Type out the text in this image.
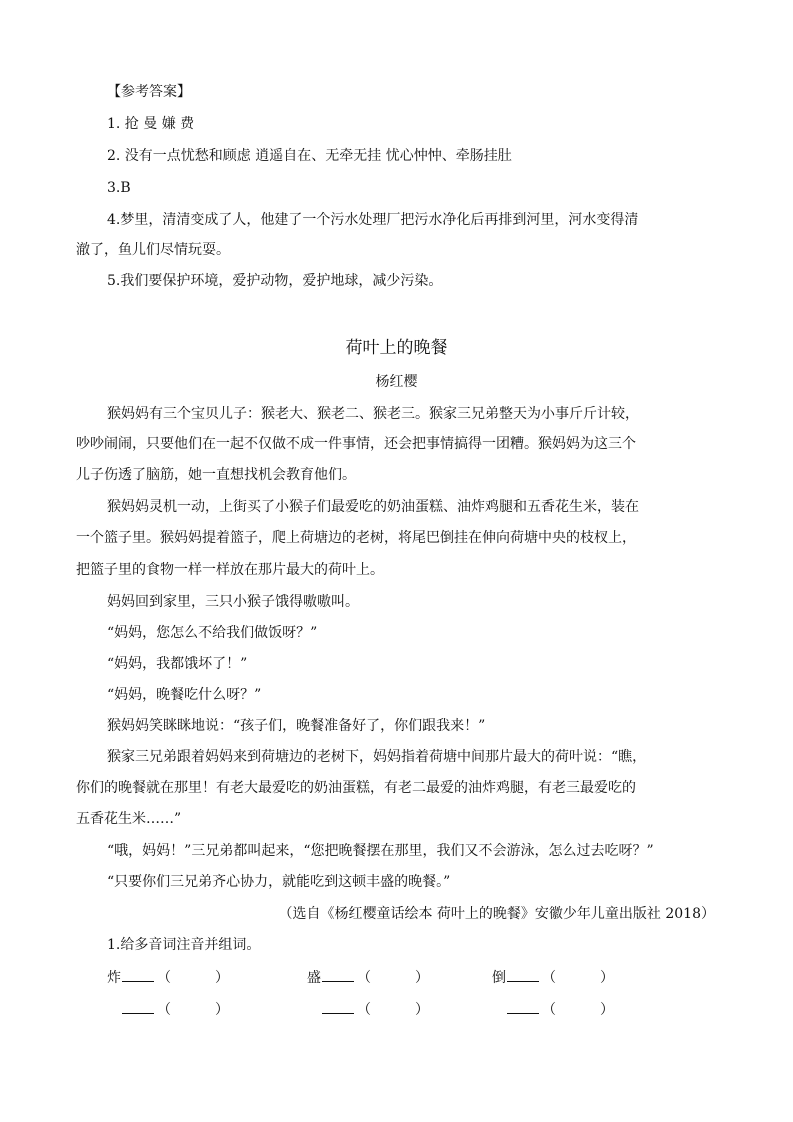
【参考答案】
1. 抢 曼 嫌 费
2. 没有一点忧愁和顾虑 逍遥自在、无牵无挂 忧心忡忡、牵肠挂肚
3.B
4.梦里，清清变成了人，他建了一个污水处理厂把污水净化后再排到河里，河水变得清
澈了，鱼儿们尽情玩耍。
5.我们要保护环境，爱护动物，爱护地球，减少污染。
荷叶上的晚餐
杨红樱
猴妈妈有三个宝贝儿子：猴老大、猴老二、猴老三。猴家三兄弟整天为小事斤斤计较，
吵吵闹闹，只要他们在一起不仅做不成一件事情，还会把事情搞得一团糟。猴妈妈为这三个
儿子伤透了脑筋，她一直想找机会教育他们。
猴妈妈灵机一动，上街买了小猴子们最爱吃的奶油蛋糕、油炸鸡腿和五香花生米，装在
一个篮子里。猴妈妈提着篮子，爬上荷塘边的老树，将尾巴倒挂在伸向荷塘中央的枝杈上，
把篮子里的食物一样一样放在那片最大的荷叶上。
妈妈回到家里，三只小猴子饿得嗷嗷叫。
“妈妈，您怎么不给我们做饭呀？”
“妈妈，我都饿坏了！”
“妈妈，晚餐吃什么呀？”
猴妈妈笑眯眯地说：“孩子们，晚餐准备好了，你们跟我来！”
猴家三兄弟跟着妈妈来到荷塘边的老树下，妈妈指着荷塘中间那片最大的荷叶说：“瞧，
你们的晚餐就在那里！有老大最爱吃的奶油蛋糕，有老二最爱的油炸鸡腿，有老三最爱吃的
五香花生米……”
“哦，妈妈！”三兄弟都叫起来，“您把晚餐摆在那里，我们又不会游泳，怎么过去吃呀？”
“只要你们三兄弟齐心协力，就能吃到这顿丰盛的晚餐。”
（选自《杨红樱童话绘本 荷叶上的晚餐》安徽少年儿童出版社 2018）
1.给多音词注音并组词。
炸	（	）	盛	（	）	倒	（	）
（	）	（	）	（	）
